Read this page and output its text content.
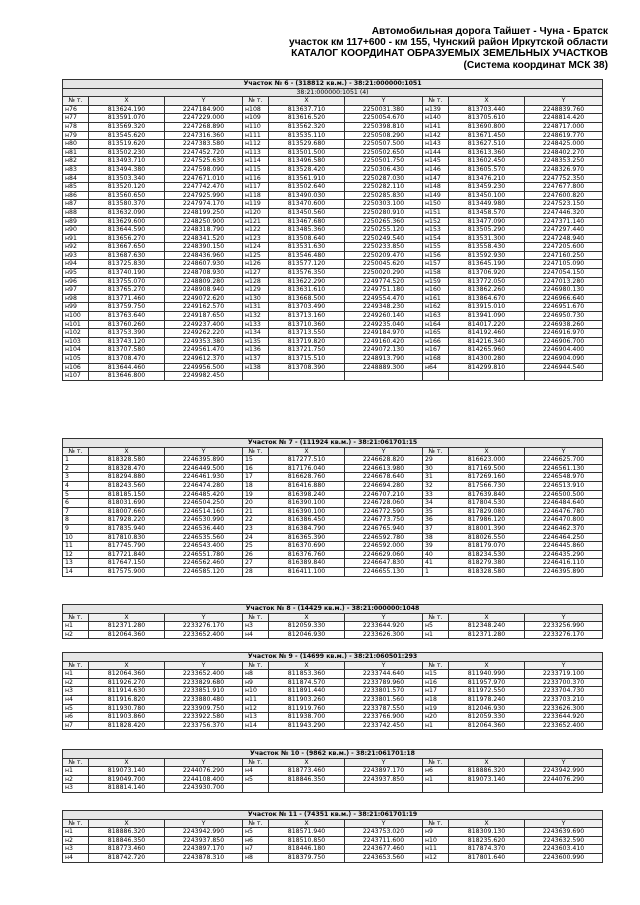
Автомобильная дорога Тайшет - Чуна - Братск
участок км 117+600 - км 155, Чунский район Иркутской области
КАТАЛОГ КООРДИНАТ ОБРАЗУЕМЫХ ЗЕМЕЛЬНЫХ УЧАСТКОВ
(Система координат МСК 38)
Участок № 6 - (318812 кв.м.) - 38:21:000000:1051								
38:21:000000:1051 (4)								
№ т.	X	Y	№ т.	X	Y	№ т.	X	Y
н76	813624.190	2247184.900	н108	813637.710	2250031.380	н139	813703.440	2248839.760
н77	813591.070	2247229.000	н109	813616.520	2250054.670	н140	813705.610	2248814.420
н78	813569.320	2247268.890	н110	813562.320	2250398.810	н141	813690.800	2248717.000
н79	813545.620	2247316.360	н111	813535.110	2250508.290	н142	813671.450	2248619.770
н80	813519.620	2247383.580	н112	813529.680	2250507.500	н143	813627.510	2248425.000
н81	813502.230	2247452.720	н113	813501.500	2250502.650	н144	813613.360	2248402.270
н82	813493.710	2247525.630	н114	813496.580	2250501.750	н145	813602.450	2248353.250
н83	813494.380	2247598.090	н115	813528.420	2250306.430	н146	813605.570	2248326.970
н84	813503.340	2247671.010	н116	813561.910	2250287.030	н147	813476.210	2247752.350
н85	813520.120	2247742.470	н117	813502.640	2250282.110	н148	813459.230	2247677.800
н86	813560.650	2247925.990	н118	813490.030	2250285.830	н149	813450.100	2247600.820
н87	813580.370	2247974.170	н119	813470.600	2250303.100	н150	813449.980	2247523.150
н88	813632.090	2248199.250	н120	813450.560	2250280.910	н151	813458.570	2247446.320
н89	813629.600	2248250.900	н121	813467.680	2250265.360	н152	813477.090	2247371.140
н90	813644.590	2248318.790	н122	813485.360	2250255.120	н153	813505.290	2247297.440
н91	813656.270	2248341.520	н123	813508.640	2250249.540	н154	813531.300	2247248.940
н92	813667.650	2248390.150	н124	813531.630	2250233.850	н155	813558.430	2247205.600
н93	813687.630	2248436.960	н125	813546.480	2250209.470	н156	813592.930	2247160.250
н94	813725.830	2248607.930	н126	813577.120	2250045.620	н157	813645.190	2247105.090
н95	813740.190	2248708.930	н127	813576.350	2250020.290	н158	813706.920	2247054.150
н96	813755.070	2248809.280	н128	813622.290	2249774.520	н159	813772.050	2247013.280
н97	813765.270	2248908.940	н129	813631.610	2249751.180	н160	813862.260	2246980.130
н98	813771.460	2249072.620	н130	813668.500	2249554.470	н161	813864.670	2246966.640
н99	813759.750	2249162.570	н131	813703.490	2249348.230	н162	813915.010	2246951.670
н100	813763.640	2249187.650	н132	813713.160	2249260.140	н163	813941.090	2246950.730
н101	813760.260	2249237.400	н133	813710.360	2249235.040	н164	814017.220	2246938.260
н102	813753.390	2249262.220	н134	813713.550	2249184.970	н165	814192.460	2246916.970
н103	813743.120	2249353.380	н135	813719.820	2249160.420	н166	814216.340	2246906.700
н104	813707.580	2249561.470	н136	813721.750	2249072.130	н167	814265.960	2246904.400
н105	813708.470	2249612.370	н137	813715.510	2248913.790	н168	814300.280	2246904.090
н106	813644.460	2249956.500	н138	813708.390	2248889.300	н64	814299.810	2246944.540
н107	813646.800	2249982.450						
Участок № 7 - (111924 кв.м.) - 38:21:061701:15								
№ т.	X	Y	№ т.	X	Y	№ т.	X	Y
1	818328.580	2246395.890	15	817277.510	2246628.820	29	816623.000	2246625.700
2	818328.470	2246449.500	16	817176.040	2246613.980	30	817169.500	2246561.130
3	818294.880	2246461.930	17	816628.760	2246678.640	31	817269.160	2246548.970
4	818243.560	2246474.280	18	816416.880	2246694.280	32	817566.730	2246513.910
5	818185.150	2246485.420	19	816398.240	2246707.210	33	817639.840	2246500.500
6	818031.690	2246504.250	20	816390.100	2246728.060	34	817804.530	2246484.640
7	818007.660	2246514.160	21	816390.100	2246772.590	35	817829.080	2246476.780
8	817928.220	2246530.990	22	816386.450	2246773.750	36	817986.120	2246470.800
9	817835.940	2246536.440	23	816384.790	2246765.940	37	818001.390	2246462.370
10	817810.830	2246535.560	24	816365.390	2246592.780	38	818026.550	2246464.250
11	817745.790	2246543.400	25	816370.690	2246592.000	39	818179.070	2246445.860
12	817721.840	2246551.780	26	816376.760	2246629.060	40	818234.530	2246435.290
13	817647.150	2246562.460	27	816389.840	2246647.830	41	818279.380	2246416.110
14	817575.900	2246585.120	28	816411.100	2246655.130	1	818328.580	2246395.890
Участок № 8 - (14429 кв.м.) - 38:21:000000:1048								
№ т.	X	Y	№ т.	X	Y	№ т.	X	Y
н1	812371.280	2233276.170	н3	812059.330	2233644.920	н5	812348.240	2233256.990
н2	812064.360	2233652.400	н4	812046.930	2233626.300	н1	812371.280	2233276.170
Участок № 9 - (14699 кв.м.) - 38:21:060501:293								
№ т.	X	Y	№ т.	X	Y	№ т.	X	Y
н1	812064.360	2233652.400	н8	811853.360	2233744.640	н15	811940.990	2233719.100
н2	811926.270	2233829.680	н9	811874.570	2233789.960	н16	811957.970	2233700.370
н3	811914.630	2233851.910	н10	811891.440	2233801.570	н17	811972.550	2233704.730
н4	811916.820	2233880.480	н11	811903.260	2233801.560	н18	811978.240	2233703.210
н5	811930.780	2233909.750	н12	811919.760	2233787.550	н19	812046.930	2233626.300
н6	811903.860	2233922.580	н13	811938.700	2233766.900	н20	812059.330	2233644.920
н7	811828.420	2233756.370	н14	811943.290	2233742.450	н1	812064.360	2233652.400
Участок № 10 - (9862 кв.м.) - 38:21:061701:18								
№ т.	X	Y	№ т.	X	Y	№ т.	X	Y
н1	819073.140	2244076.290	н4	818773.460	2243897.170	н6	818886.320	2243942.990
н2	819049.700	2244108.400	н5	818846.350	2243937.850	н1	819073.140	2244076.290
н3	818814.140	2243930.700						
Участок № 11 - (74351 кв.м.) - 38:21:061701:19								
№ т.	X	Y	№ т.	X	Y	№ т.	X	Y
н1	818886.320	2243942.990	н5	818571.940	2243753.020	н9	818309.130	2243639.690
н2	818846.350	2243937.850	н6	818510.850	2243711.600	н10	818235.620	2243632.590
н3	818773.460	2243897.170	н7	818446.180	2243677.460	н11	817874.370	2243603.410
н4	818742.720	2243878.310	н8	818379.750	2243653.560	н12	817801.640	2243600.990
